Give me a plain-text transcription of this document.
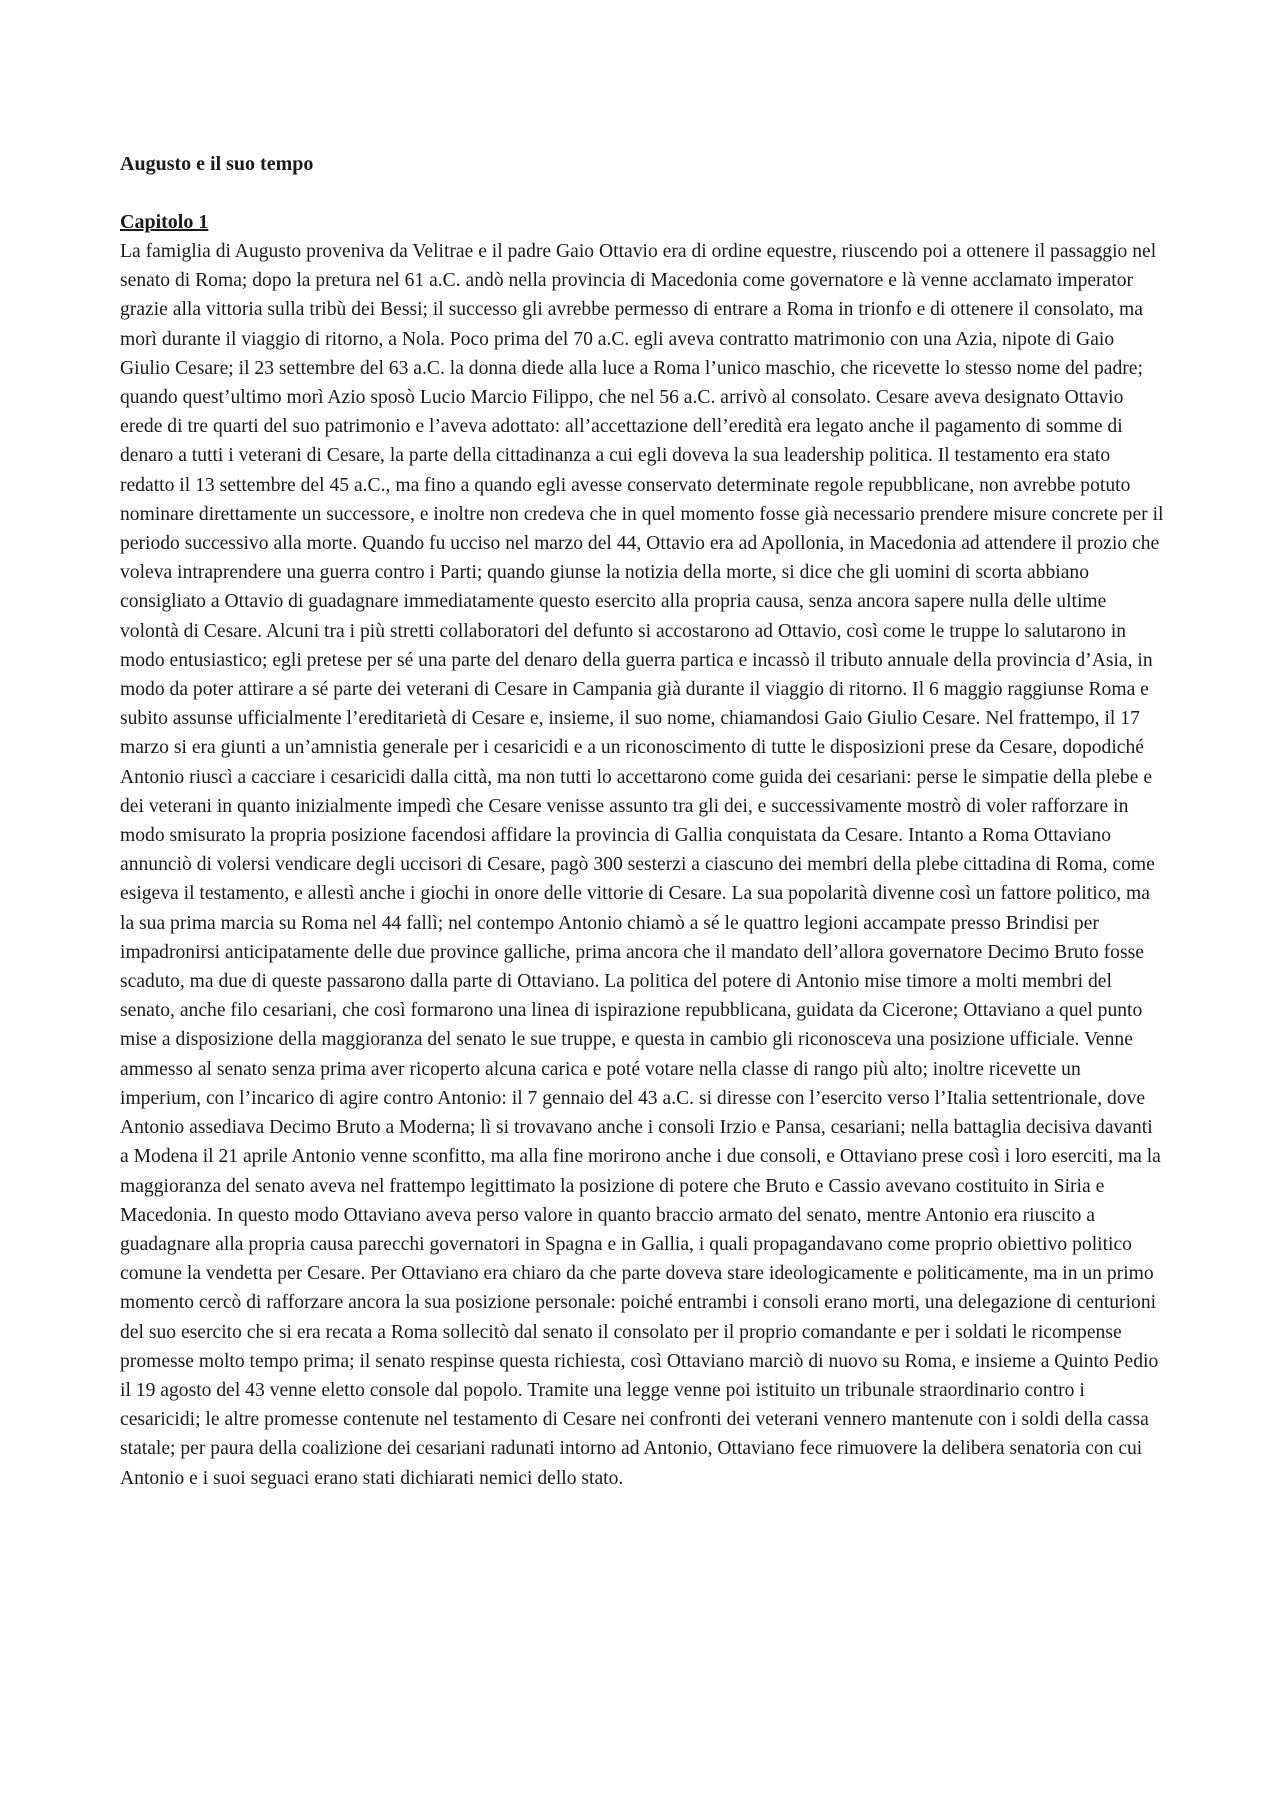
Augusto e il suo tempo
Capitolo 1

La famiglia di Augusto proveniva da Velitrae e il padre Gaio Ottavio era di ordine equestre, riuscendo poi a ottenere il passaggio nel senato di Roma; dopo la pretura nel 61 a.C. andò nella provincia di Macedonia come governatore e là venne acclamato imperator grazie alla vittoria sulla tribù dei Bessi; il successo gli avrebbe permesso di entrare a Roma in trionfo e di ottenere il consolato, ma morì durante il viaggio di ritorno, a Nola. Poco prima del 70 a.C. egli aveva contratto matrimonio con una Azia, nipote di Gaio Giulio Cesare; il 23 settembre del 63 a.C. la donna diede alla luce a Roma l’unico maschio, che ricevette lo stesso nome del padre; quando quest’ultimo morì Azio sposò Lucio Marcio Filippo, che nel 56 a.C. arrivò al consolato. Cesare aveva designato Ottavio erede di tre quarti del suo patrimonio e l’aveva adottato: all’accettazione dell’eredità era legato anche il pagamento di somme di denaro a tutti i veterani di Cesare, la parte della cittadinanza a cui egli doveva la sua leadership politica. Il testamento era stato redatto il 13 settembre del 45 a.C., ma fino a quando egli avesse conservato determinate regole repubblicane, non avrebbe potuto nominare direttamente un successore, e inoltre non credeva che in quel momento fosse già necessario prendere misure concrete per il periodo successivo alla morte. Quando fu ucciso nel marzo del 44, Ottavio era ad Apollonia, in Macedonia ad attendere il prozio che voleva intraprendere una guerra contro i Parti; quando giunse la notizia della morte, si dice che gli uomini di scorta abbiano consigliato a Ottavio di guadagnare immediatamente questo esercito alla propria causa, senza ancora sapere nulla delle ultime volontà di Cesare. Alcuni tra i più stretti collaboratori del defunto si accostarono ad Ottavio, così come le truppe lo salutarono in modo entusiastico; egli pretese per sé una parte del denaro della guerra partica e incassò il tributo annuale della provincia d’Asia, in modo da poter attirare a sé parte dei veterani di Cesare in Campania già durante il viaggio di ritorno. Il 6 maggio raggiunse Roma e subito assunse ufficialmente l’ereditarietà di Cesare e, insieme, il suo nome, chiamandosi Gaio Giulio Cesare. Nel frattempo, il 17 marzo si era giunti a un’amnistia generale per i cesaricidi e a un riconoscimento di tutte le disposizioni prese da Cesare, dopodiché Antonio riuscì a cacciare i cesaricidi dalla città, ma non tutti lo accettarono come guida dei cesariani: perse le simpatie della plebe e dei veterani in quanto inizialmente impedì che Cesare venisse assunto tra gli dei, e successivamente mostrò di voler rafforzare in modo smisurato la propria posizione facendosi affidare la provincia di Gallia conquistata da Cesare. Intanto a Roma Ottaviano annunciò di volersi vendicare degli uccisori di Cesare, pagò 300 sesterzi a ciascuno dei membri della plebe cittadina di Roma, come esigeva il testamento, e allestì anche i giochi in onore delle vittorie di Cesare. La sua popolarità divenne così un fattore politico, ma la sua prima marcia su Roma nel 44 fallì; nel contempo Antonio chiamò a sé le quattro legioni accampate presso Brindisi per impadronirsi anticipatamente delle due province galliche, prima ancora che il mandato dell’allora governatore Decimo Bruto fosse scaduto, ma due di queste passarono dalla parte di Ottaviano. La politica del potere di Antonio mise timore a molti membri del senato, anche filo cesariani, che così formarono una linea di ispirazione repubblicana, guidata da Cicerone; Ottaviano a quel punto mise a disposizione della maggioranza del senato le sue truppe, e questa in cambio gli riconosceva una posizione ufficiale. Venne ammesso al senato senza prima aver ricoperto alcuna carica e poté votare nella classe di rango più alto; inoltre ricevette un imperium, con l’incarico di agire contro Antonio: il 7 gennaio del 43 a.C. si diresse con l’esercito verso l’Italia settentrionale, dove Antonio assediava Decimo Bruto a Moderna; lì si trovavano anche i consoli Irzio e Pansa, cesariani; nella battaglia decisiva davanti a Modena il 21 aprile Antonio venne sconfitto, ma alla fine morirono anche i due consoli, e Ottaviano prese così i loro eserciti, ma la maggioranza del senato aveva nel frattempo legittimato la posizione di potere che Bruto e Cassio avevano costituito in Siria e Macedonia. In questo modo Ottaviano aveva perso valore in quanto braccio armato del senato, mentre Antonio era riuscito a guadagnare alla propria causa parecchi governatori in Spagna e in Gallia, i quali propagandavano come proprio obiettivo politico comune la vendetta per Cesare. Per Ottaviano era chiaro da che parte doveva stare ideologicamente e politicamente, ma in un primo momento cercò di rafforzare ancora la sua posizione personale: poiché entrambi i consoli erano morti, una delegazione di centurioni del suo esercito che si era recata a Roma sollecitò dal senato il consolato per il proprio comandante e per i soldati le ricompense promesse molto tempo prima; il senato respinse questa richiesta, così Ottaviano marciò di nuovo su Roma, e insieme a Quinto Pedio il 19 agosto del 43 venne eletto console dal popolo. Tramite una legge venne poi istituito un tribunale straordinario contro i cesaricidi; le altre promesse contenute nel testamento di Cesare nei confronti dei veterani vennero mantenute con i soldi della cassa statale; per paura della coalizione dei cesariani radunati intorno ad Antonio, Ottaviano fece rimuovere la delibera senatoria con cui Antonio e i suoi seguaci erano stati dichiarati nemici dello stato.
